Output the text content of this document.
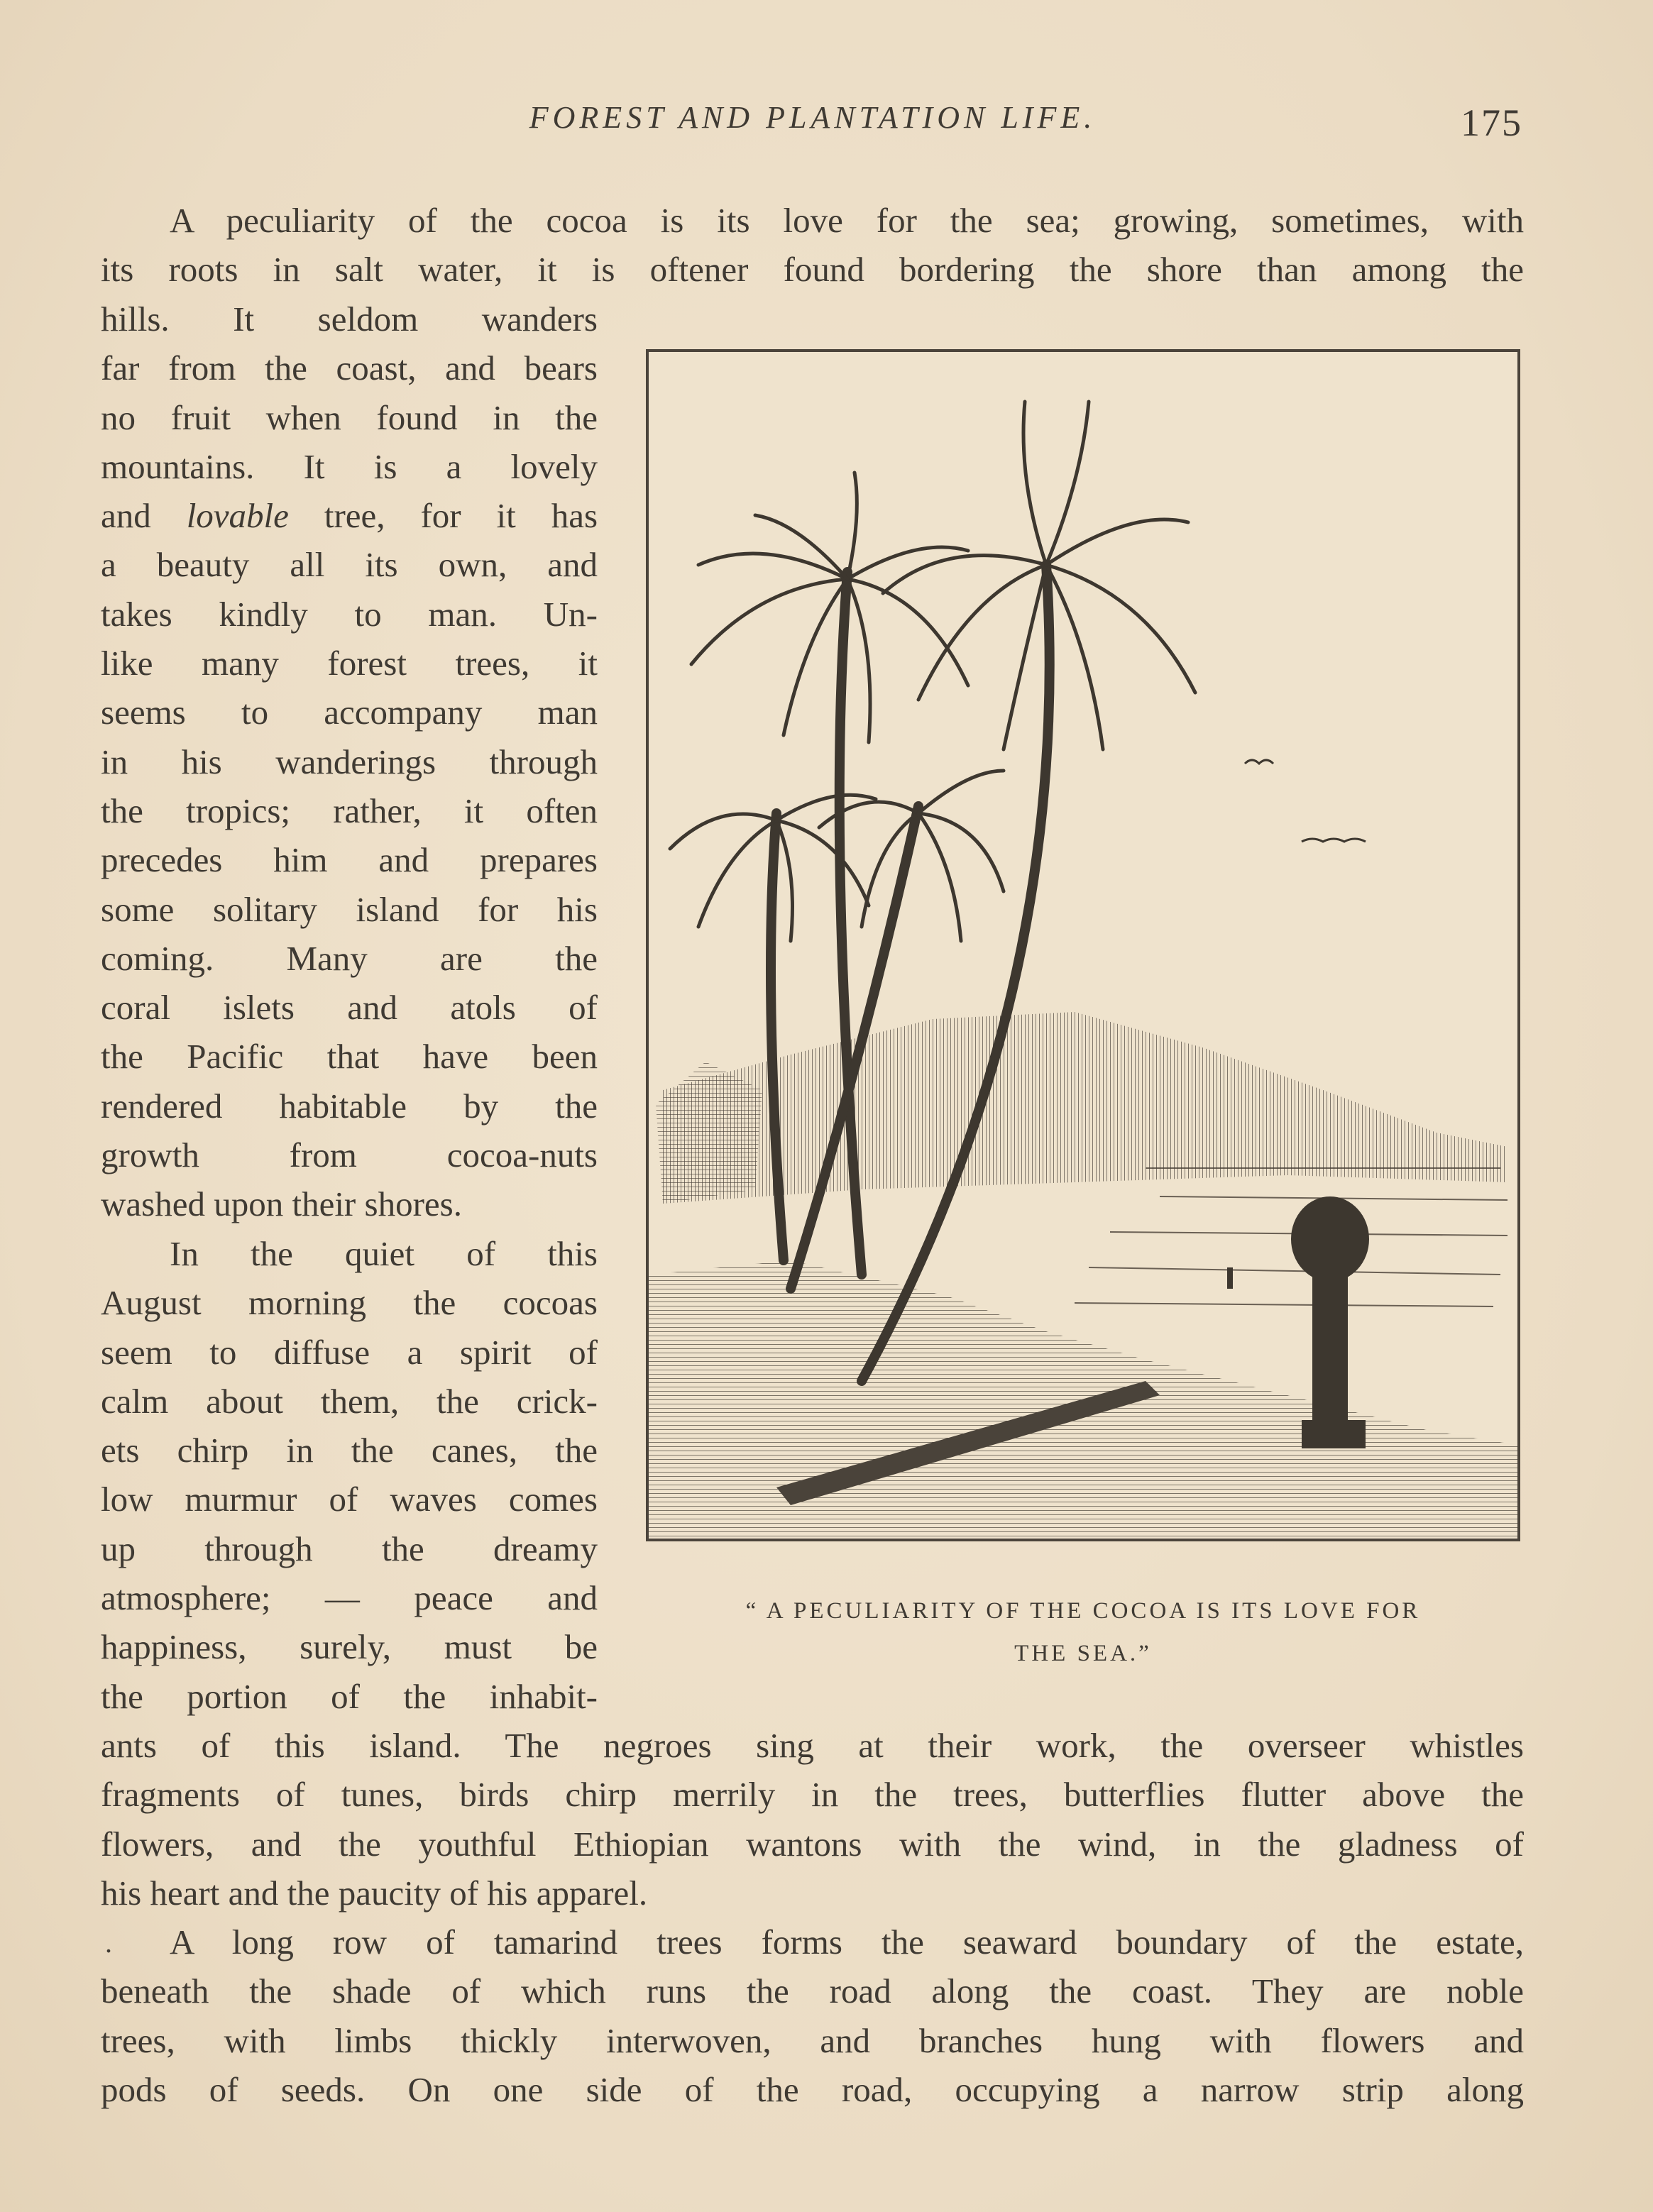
FOREST AND PLANTATION LIFE.	175
A peculiarity of the cocoa is its love for the sea; growing, sometimes, with
its roots in salt water, it is oftener found bordering the shore than among the
hills. It seldom wanders
far from the coast, and bears
no fruit when found in the
mountains. It is a lovely
and lovable tree, for it has
a beauty all its own, and
takes kindly to man. Un-
like many forest trees, it
seems to accompany man
in his wanderings through
the tropics; rather, it often
precedes him and prepares
some solitary island for his
coming. Many are the
coral islets and atols of
the Pacific that have been
rendered habitable by the
growth from cocoa-nuts
washed upon their shores.
In the quiet of this
August morning the cocoas
seem to diffuse a spirit of
calm about them, the crick-
ets chirp in the canes, the
low murmur of waves comes
up through the dreamy
atmosphere; — peace and
happiness, surely, must be
the portion of the inhabit-
ants of this island. The negroes sing at their work, the overseer whistles
fragments of tunes, birds chirp merrily in the trees, butterflies flutter above the
flowers, and the youthful Ethiopian wantons with the wind, in the gladness of
his heart and the paucity of his apparel.
.	A long row of tamarind trees forms the seaward boundary of the estate,
beneath the shade of which runs the road along the coast. They are noble
trees, with limbs thickly interwoven, and branches hung with flowers and
pods of seeds. On one side of the road, occupying a narrow strip along
“ A PECULIARITY OF THE COCOA IS ITS LOVE FOR
THE SEA.”
